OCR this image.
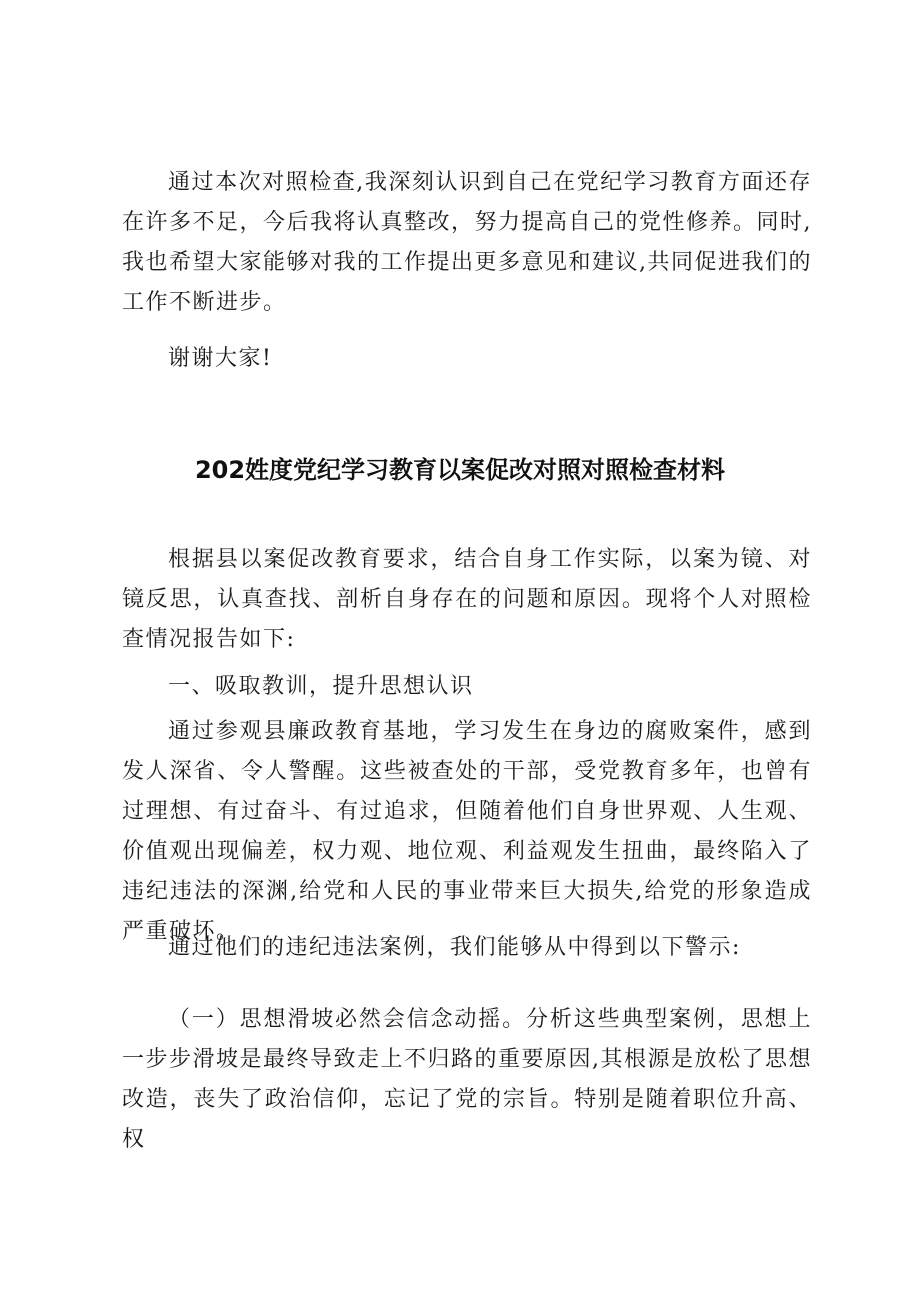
通过本次对照检查,我深刻认识到自己在党纪学习教育方面还存在许多不足，今后我将认真整改，努力提高自己的党性修养。同时,我也希望大家能够对我的工作提出更多意见和建议,共同促进我们的工作不断进步。

谢谢大家!

202姓度党纪学习教育以案促改对照对照检查材料

根据县以案促改教育要求，结合自身工作实际，以案为镜、对镜反思，认真查找、剖析自身存在的问题和原因。现将个人对照检查情况报告如下:

一、吸取教训，提升思想认识

通过参观县廉政教育基地，学习发生在身边的腐败案件，感到发人深省、令人警醒。这些被查处的干部，受党教育多年，也曾有过理想、有过奋斗、有过追求，但随着他们自身世界观、人生观、价值观出现偏差，权力观、地位观、利益观发生扭曲，最终陷入了违纪违法的深渊,给党和人民的事业带来巨大损失,给党的形象造成严重破坏。

通过他们的违纪违法案例，我们能够从中得到以下警示:

（一）思想滑坡必然会信念动摇。分析这些典型案例，思想上一步步滑坡是最终导致走上不归路的重要原因,其根源是放松了思想改造，丧失了政治信仰，忘记了党的宗旨。特别是随着职位升高、权
